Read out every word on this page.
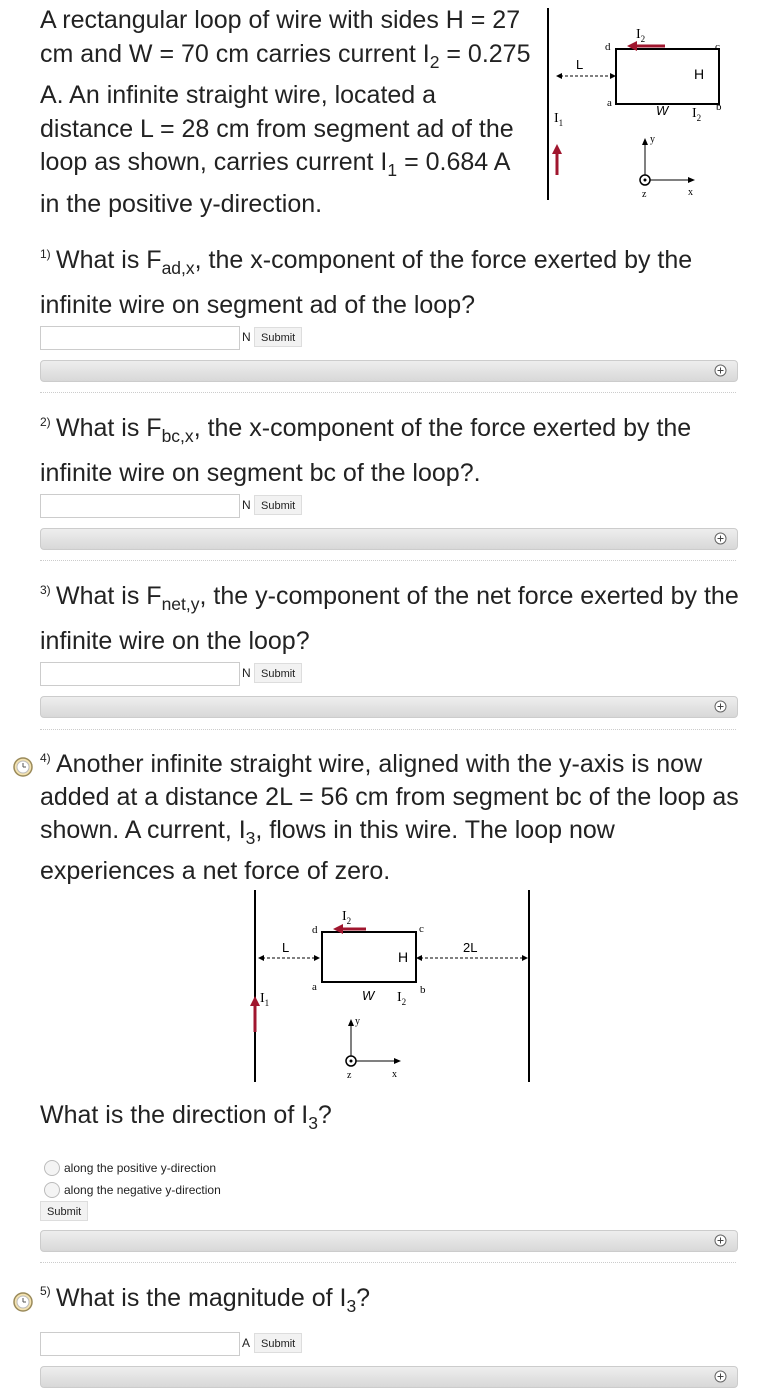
A rectangular loop of wire with sides H = 27 cm and W = 70 cm carries current $I_2 = 0.275$ A. An infinite straight wire, located a distance L = 28 cm from segment ad of the loop as shown, carries current $I_1 = 0.684$ A in the positive y-direction.
$I_1$
L
$I_2$
d	c
a	b
H
W $I_2$
y
x
z
1) What is $F_{ad,x}$, the x-component of the force exerted by the infinite wire on segment ad of the loop?
N Submit
2) What is $F_{bc,x}$, the x-component of the force exerted by the infinite wire on segment bc of the loop?.
N Submit
3) What is $F_{net,y}$, the y-component of the net force exerted by the infinite wire on the loop?
N Submit
4) Another infinite straight wire, aligned with the y-axis is now added at a distance 2L = 56 cm from segment bc of the loop as shown. A current, $I_3$, flows in this wire. The loop now experiences a net force of zero.
$I_1$
L	2L
$I_2$
d	c
a	b
H
W $I_2$
y
x
z
What is the direction of $I_3$?
along the positive y-direction
along the negative y-direction
Submit
5) What is the magnitude of $I_3$?
A Submit
